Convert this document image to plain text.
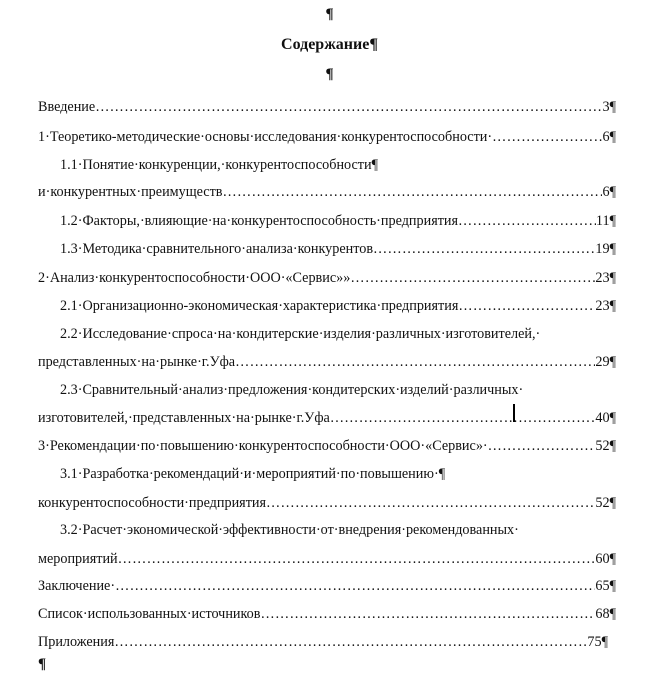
¶
Содержание¶
¶
Введение …………………………………………………………………………………………………………………………………………………………………………………………………………………………	3¶
1·Теоретико-методические·основы·исследования·конкурентоспособности· …………………………………………………………………………………………………………………………………………………………………………………………………………………………	6¶
1.1·Понятие·конкуренции,·конкурентоспособности¶
и·конкурентных·преимуществ …………………………………………………………………………………………………………………………………………………………………………………………………………………………	6¶
1.2·Факторы,·влияющие·на·конкурентоспособность·предприятия …………………………………………………………………………………………………………………………………………………………………………………………………………………………	11¶
1.3·Методика·сравнительного·анализа·конкурентов …………………………………………………………………………………………………………………………………………………………………………………………………………………………	19¶
2·Анализ·конкурентоспособности·ООО·«Сервис»» …………………………………………………………………………………………………………………………………………………………………………………………………………………………	23¶
2.1·Организационно-экономическая·характеристика·предприятия …………………………………………………………………………………………………………………………………………………………………………………………………………………………	23¶
2.2·Исследование·спроса·на·кондитерские·изделия·различных·изготовителей,·
представленных·на·рынке·г.Уфа …………………………………………………………………………………………………………………………………………………………………………………………………………………………	29¶
2.3·Сравнительный·анализ·предложения·кондитерских·изделий·различных·
изготовителей,·представленных·на·рынке·г.Уфа …………………………………………………………………………………………………………………………………………………………………………………………………………………………	40¶
3·Рекомендации·по·повышению·конкурентоспособности·ООО·«Сервис»· …………………………………………………………………………………………………………………………………………………………………………………………………………………………	52¶
3.1·Разработка·рекомендаций·и·мероприятий·по·повышению·¶
конкурентоспособности·предприятия …………………………………………………………………………………………………………………………………………………………………………………………………………………………	52¶
3.2·Расчет·экономической·эффективности·от·внедрения·рекомендованных·
мероприятий …………………………………………………………………………………………………………………………………………………………………………………………………………………………	60¶
Заключение· …………………………………………………………………………………………………………………………………………………………………………………………………………………………	65¶
Список·использованных·источников …………………………………………………………………………………………………………………………………………………………………………………………………………………………	68¶
Приложения …………………………………………………………………………………………………………………………………………………………………………………………………………………………	75¶
¶
